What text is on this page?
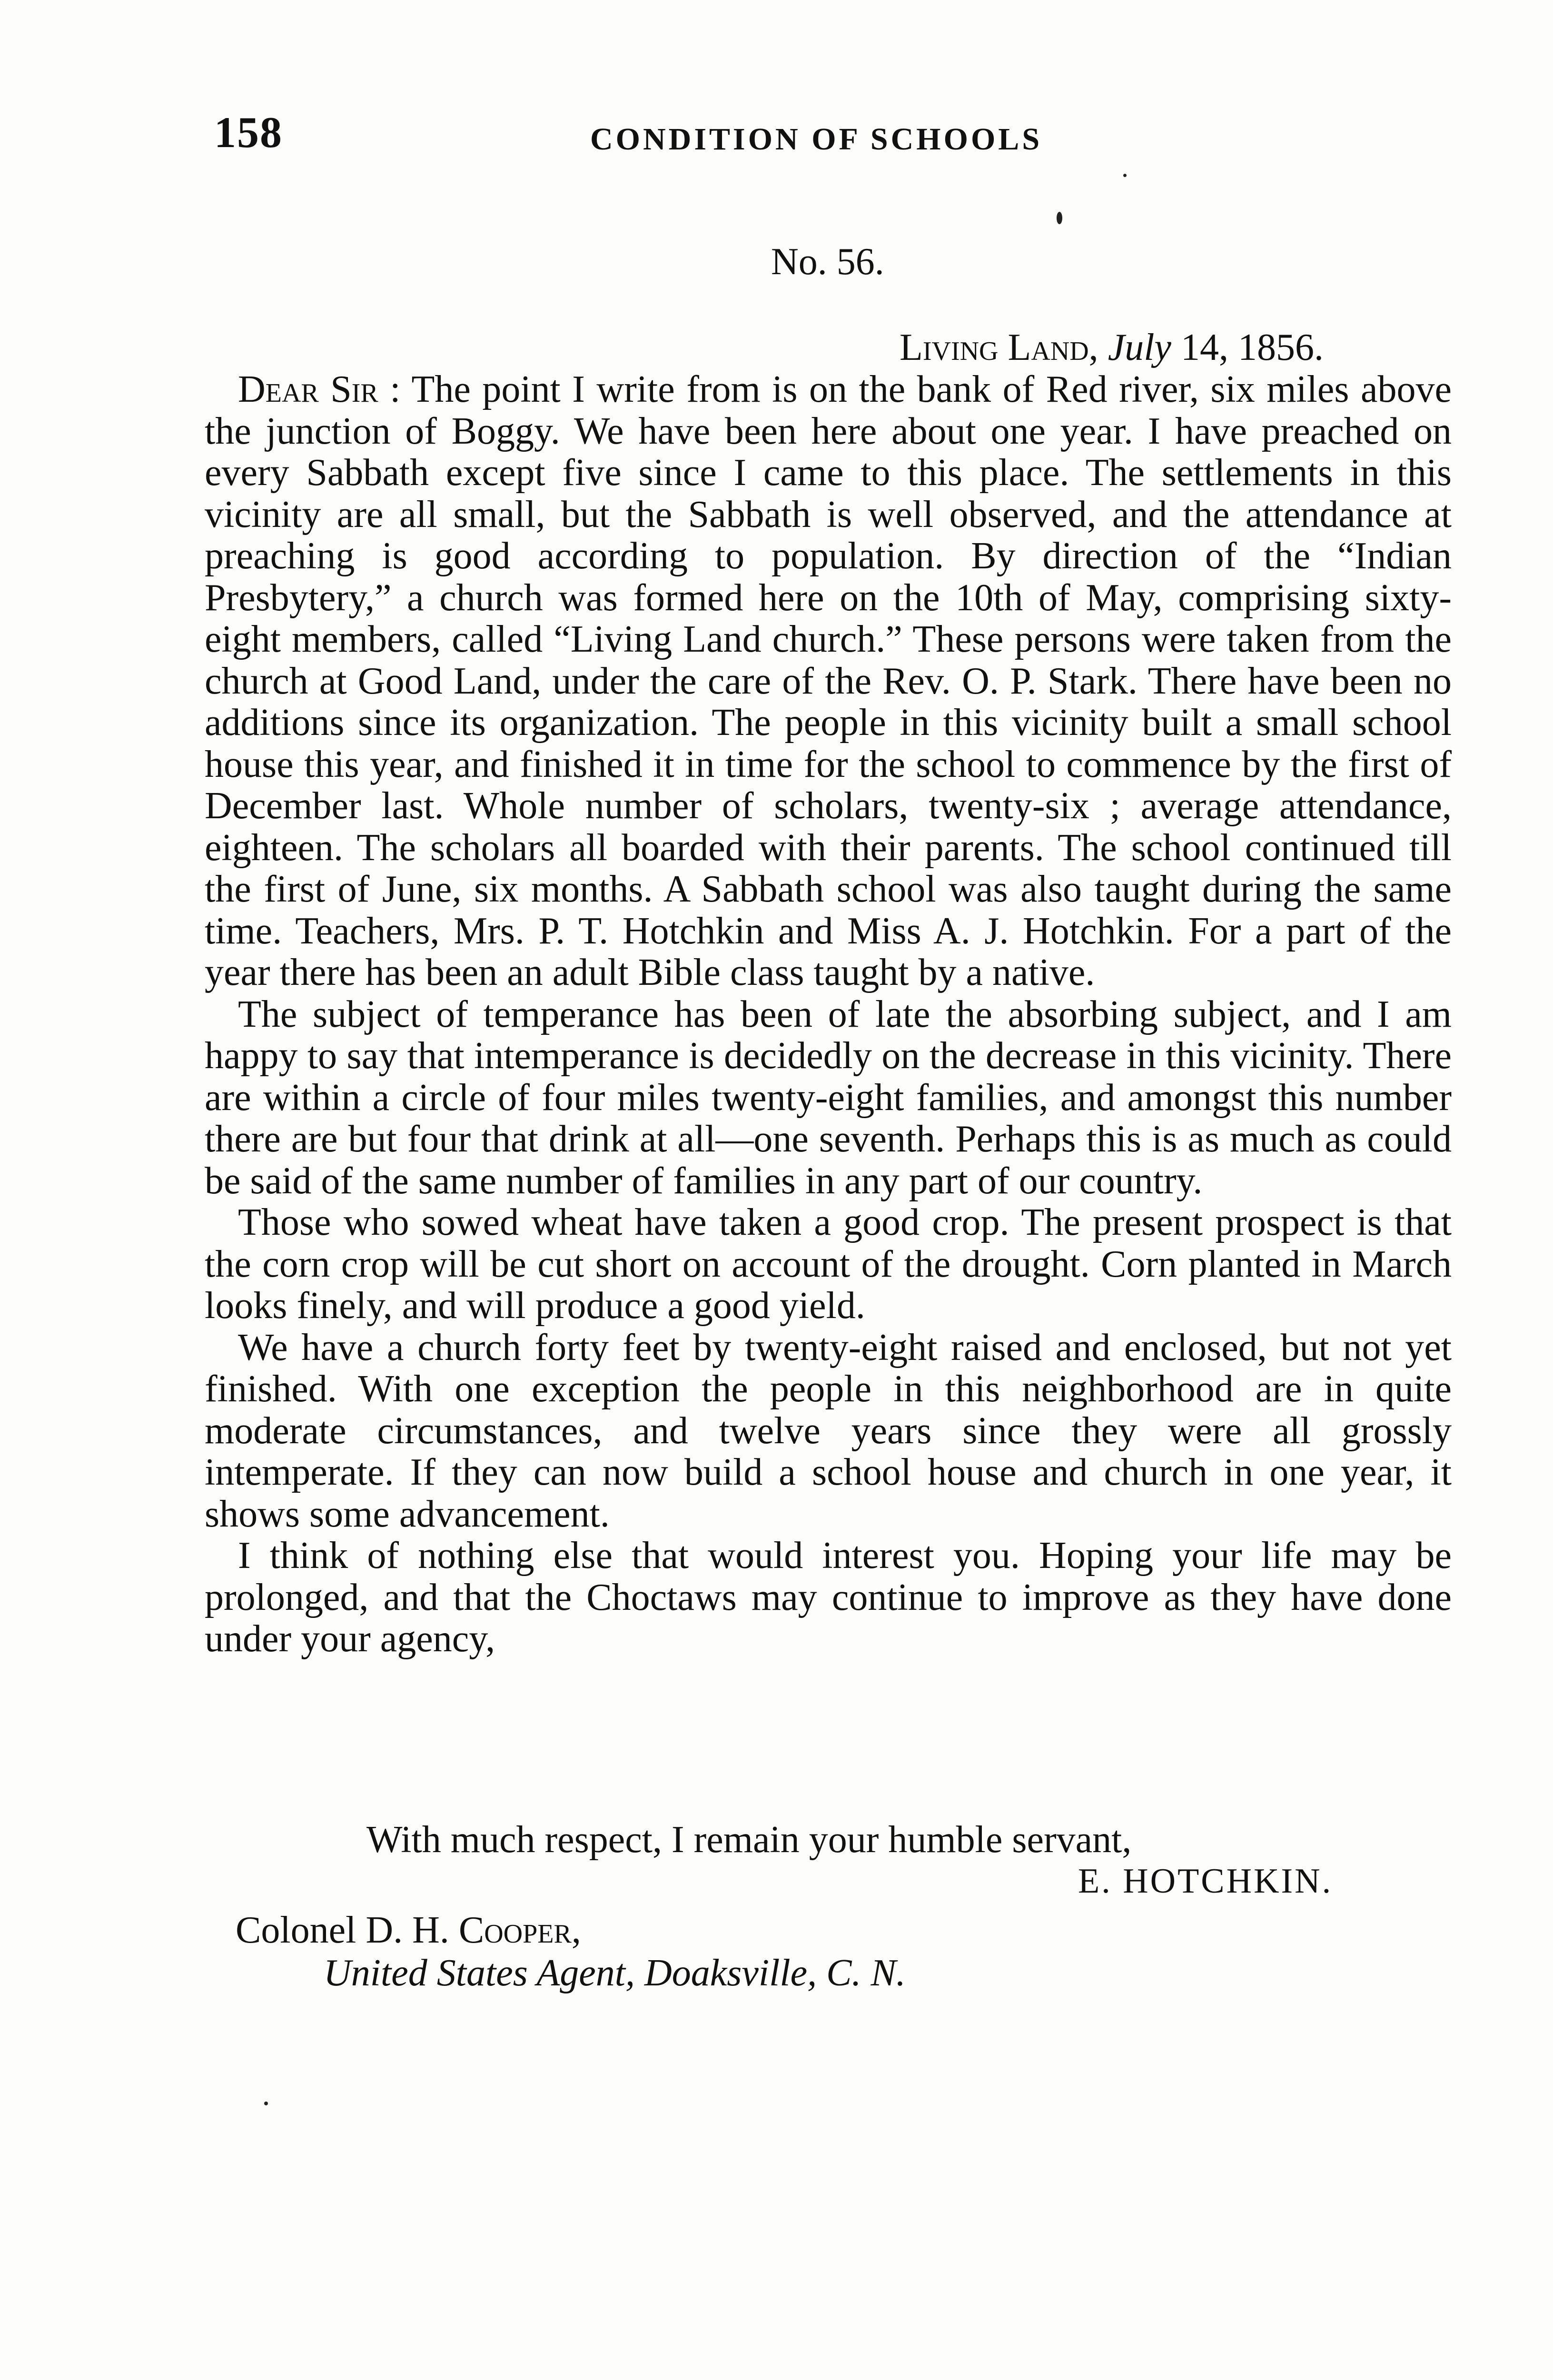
158	CONDITION OF SCHOOLS
No. 56.
Living Land, July 14, 1856.

Dear Sir : The point I write from is on the bank of Red river, six miles above the junction of Boggy. We have been here about one year. I have preached on every Sabbath except five since I came to this place. The settlements in this vicinity are all small, but the Sabbath is well observed, and the attendance at preaching is good according to population. By direction of the “Indian Presbytery,” a church was formed here on the 10th of May, comprising sixty-eight members, called “Living Land church.” These persons were taken from the church at Good Land, under the care of the Rev. O. P. Stark. There have been no additions since its organization. The people in this vicinity built a small school house this year, and finished it in time for the school to commence by the first of December last. Whole number of scholars, twenty-six ; average attendance, eighteen. The scholars all boarded with their parents. The school continued till the first of June, six months. A Sabbath school was also taught during the same time. Teachers, Mrs. P. T. Hotchkin and Miss A. J. Hotchkin. For a part of the year there has been an adult Bible class taught by a native.

The subject of temperance has been of late the absorbing subject, and I am happy to say that intemperance is decidedly on the decrease in this vicinity. There are within a circle of four miles twenty-eight families, and amongst this number there are but four that drink at all—one seventh. Perhaps this is as much as could be said of the same number of families in any part of our country.

Those who sowed wheat have taken a good crop. The present prospect is that the corn crop will be cut short on account of the drought. Corn planted in March looks finely, and will produce a good yield.

We have a church forty feet by twenty-eight raised and enclosed, but not yet finished. With one exception the people in this neighborhood are in quite moderate circumstances, and twelve years since they were all grossly intemperate. If they can now build a school house and church in one year, it shows some advancement.

I think of nothing else that would interest you. Hoping your life may be prolonged, and that the Choctaws may continue to improve as they have done under your agency,

With much respect, I remain your humble servant,
E. HOTCHKIN.
Colonel D. H. Cooper,
United States Agent, Doaksville, C. N.
